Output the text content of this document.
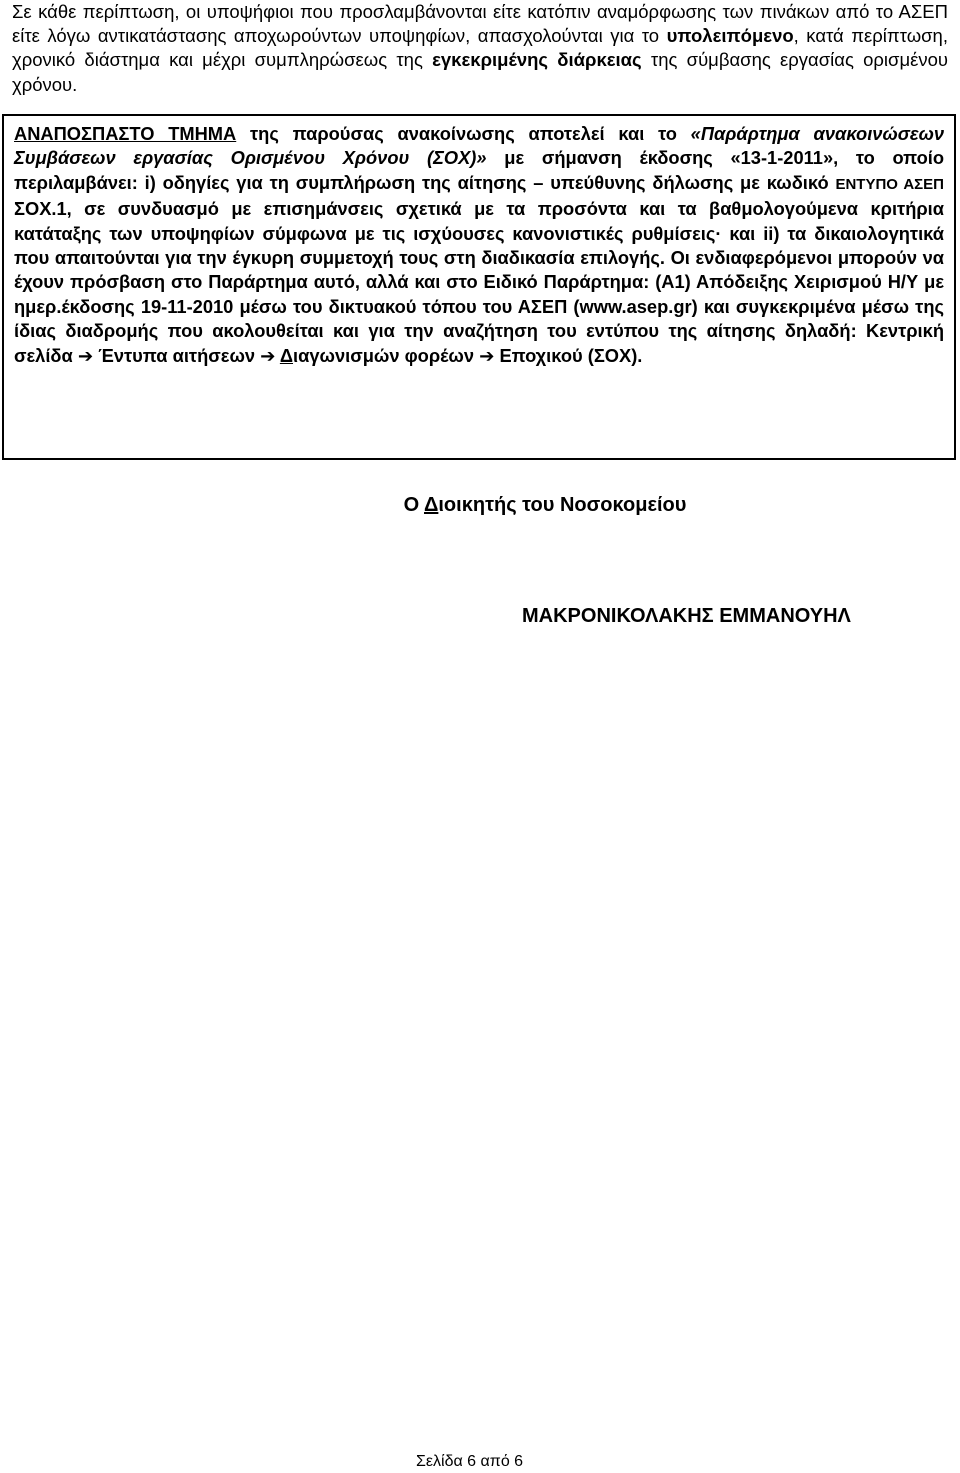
Σε κάθε περίπτωση, οι υποψήφιοι που προσλαμβάνονται είτε κατόπιν αναμόρφωσης των πινάκων από το ΑΣΕΠ είτε λόγω αντικατάστασης αποχωρούντων υποψηφίων, απασχολούνται για το υπολειπόμενο, κατά περίπτωση, χρονικό διάστημα και μέχρι συμπληρώσεως της εγκεκριμένης διάρκειας της σύμβασης εργασίας ορισμένου χρόνου.

ΑΝΑΠΟΣΠΑΣΤΟ ΤΜΗΜΑ της παρούσας ανακοίνωσης αποτελεί και το «Παράρτημα ανακοινώσεων Συμβάσεων εργασίας Ορισμένου Χρόνου (ΣΟΧ)» με σήμανση έκδοσης «13-1-2011», το οποίο περιλαμβάνει: i) οδηγίες για τη συμπλήρωση της αίτησης – υπεύθυνης δήλωσης με κωδικό ΕΝΤΥΠΟ ΑΣΕΠ ΣΟΧ.1, σε συνδυασμό με επισημάνσεις σχετικά με τα προσόντα και τα βαθμολογούμενα κριτήρια κατάταξης των υποψηφίων σύμφωνα με τις ισχύουσες κανονιστικές ρυθμίσεις· και ii) τα δικαιολογητικά που απαιτούνται για την έγκυρη συμμετοχή τους στη διαδικασία επιλογής. Οι ενδιαφερόμενοι μπορούν να έχουν πρόσβαση στο Παράρτημα αυτό, αλλά και στο Ειδικό Παράρτημα: (Α1) Απόδειξης Χειρισμού Η/Υ με ημερ.έκδοσης 19-11-2010 μέσω του δικτυακού τόπου του ΑΣΕΠ (www.asep.gr) και συγκεκριμένα μέσω της ίδιας διαδρομής που ακολουθείται και για την αναζήτηση του εντύπου της αίτησης δηλαδή: Κεντρική σελίδα ➔ Έντυπα αιτήσεων ➔ Διαγωνισμών φορέων ➔ Εποχικού (ΣΟΧ).

Ο Διοικητής του Νοσοκομείου
ΜΑΚΡΟΝΙΚΟΛΑΚΗΣ ΕΜΜΑΝΟΥΗΛ
Σελίδα 6 από 6
